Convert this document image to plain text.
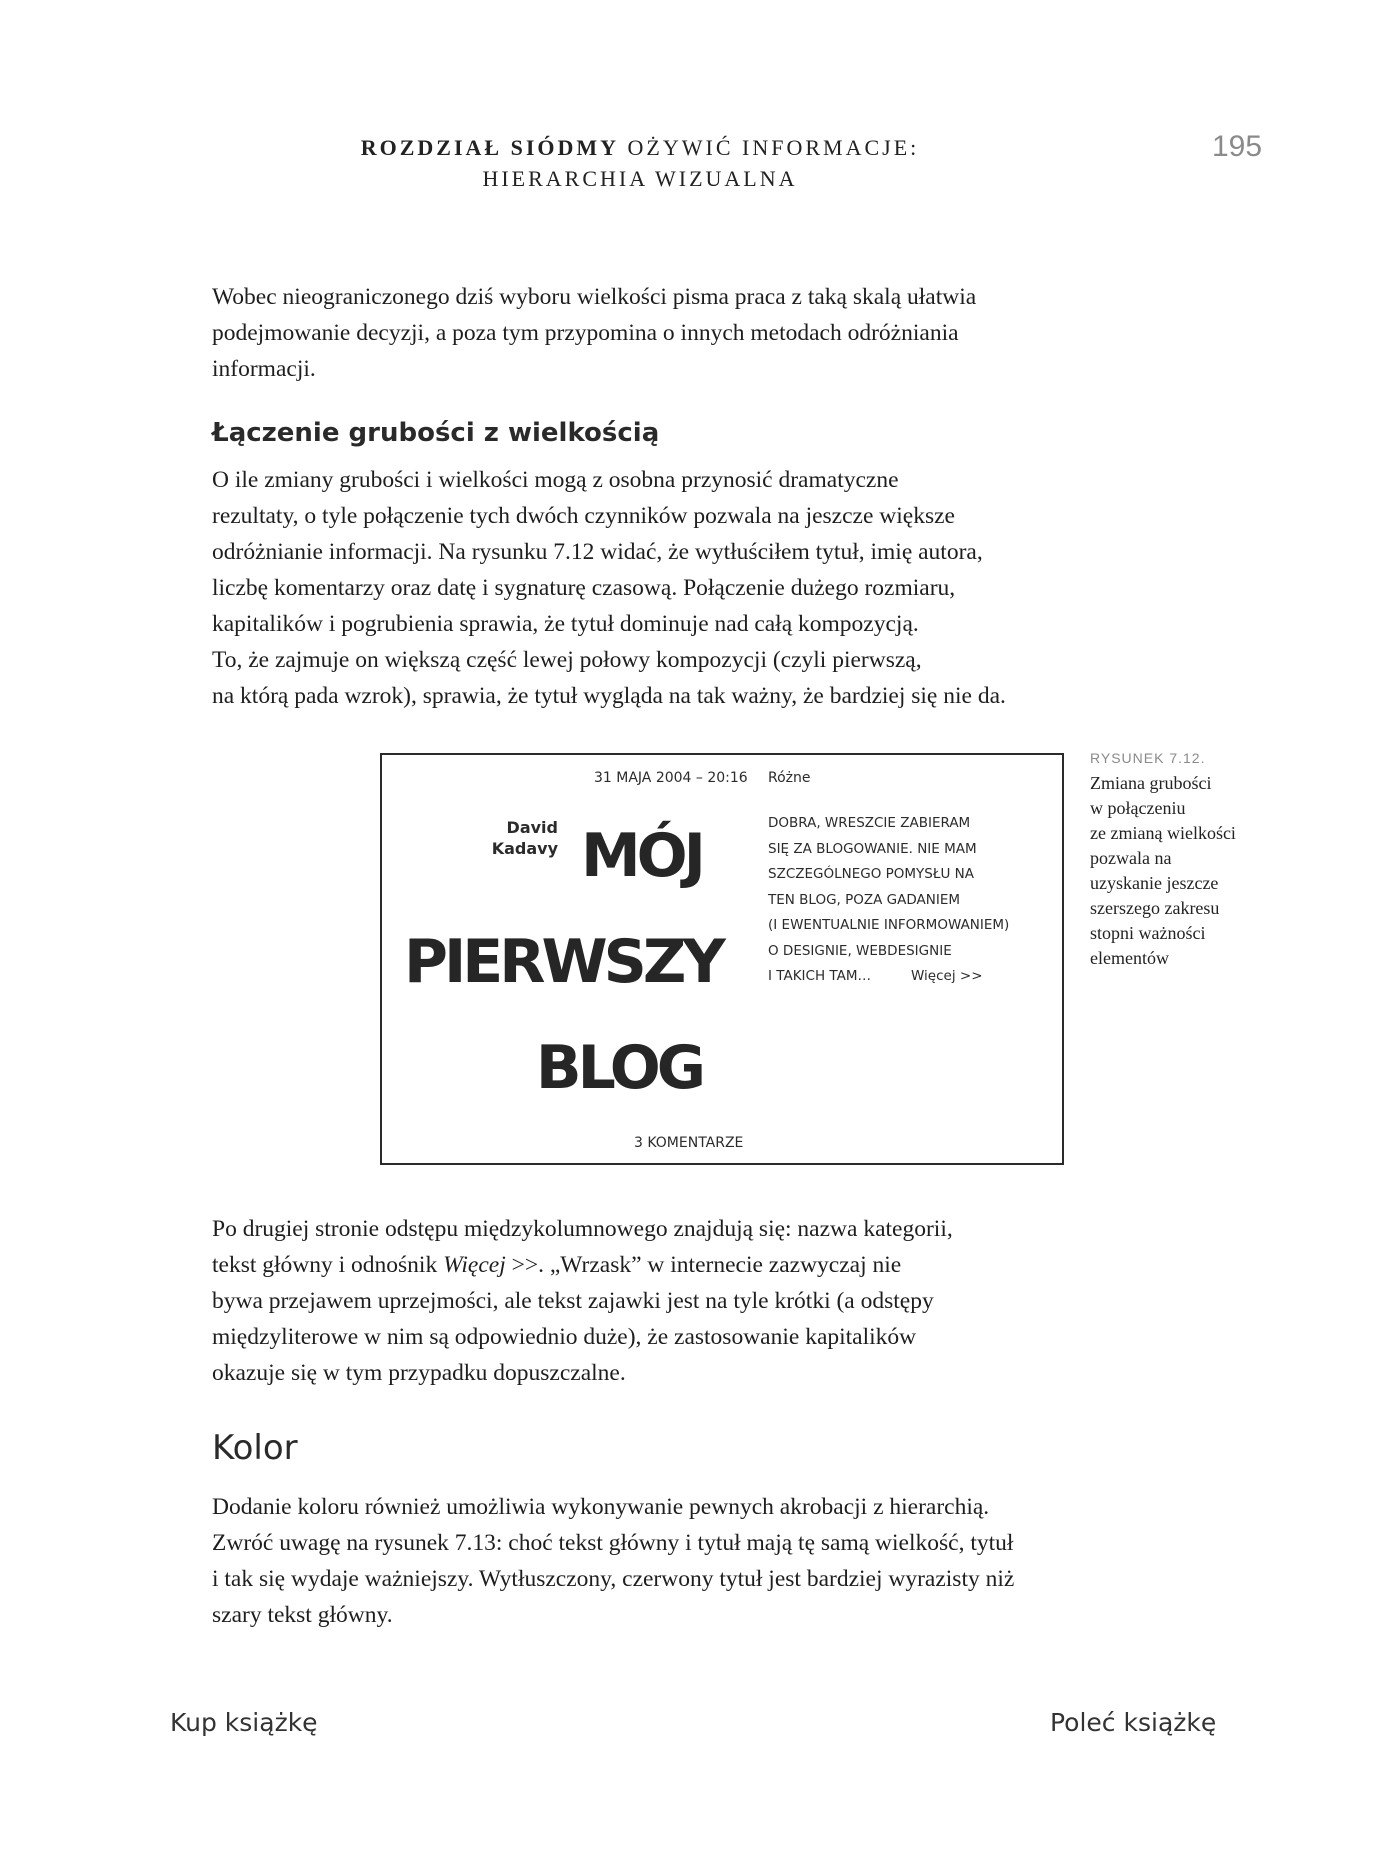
ROZDZIAŁ SIÓDMY OŻYWIĆ INFORMACJE:
HIERARCHIA WIZUALNA
195

Wobec nieograniczonego dziś wyboru wielkości pisma praca z taką skalą ułatwia

podejmowanie decyzji, a poza tym przypomina o innych metodach odróżniania

informacji.

Łączenie grubości z wielkością

O ile zmiany grubości i wielkości mogą z osobna przynosić dramatyczne

rezultaty, o tyle połączenie tych dwóch czynników pozwala na jeszcze większe

odróżnianie informacji. Na rysunku 7.12 widać, że wytłuściłem tytuł, imię autora,

liczbę komentarzy oraz datę i sygnaturę czasową. Połączenie dużego rozmiaru,

kapitalików i pogrubienia sprawia, że tytuł dominuje nad całą kompozycją.

To, że zajmuje on większą część lewej połowy kompozycji (czyli pierwszą,

na którą pada wzrok), sprawia, że tytuł wygląda na tak ważny, że bardziej się nie da.

31 MAJA 2004 – 20:16 Różne
David
Kadavy MÓJ
PIERWSZY
BLOG
DOBRA, WRESZCIE ZABIERAM
SIĘ ZA BLOGOWANIE. NIE MAM
SZCZEGÓLNEGO POMYSŁU NA
TEN BLOG, POZA GADANIEM
(I EWENTUALNIE INFORMOWANIEM)
O DESIGNIE, WEBDESIGNIE
I TAKICH TAM…	Więcej >>
3 KOMENTARZE
RYSUNEK 7.12.
Zmiana grubości
w połączeniu
ze zmianą wielkości
pozwala na
uzyskanie jeszcze
szerszego zakresu
stopni ważności
elementów

Po drugiej stronie odstępu międzykolumnowego znajdują się: nazwa kategorii,

tekst główny i odnośnik Więcej >>. „Wrzask” w internecie zazwyczaj nie

bywa przejawem uprzejmości, ale tekst zajawki jest na tyle krótki (a odstępy

międzyliterowe w nim są odpowiednio duże), że zastosowanie kapitalików

okazuje się w tym przypadku dopuszczalne.

Kolor

Dodanie koloru również umożliwia wykonywanie pewnych akrobacji z hierarchią.

Zwróć uwagę na rysunek 7.13: choć tekst główny i tytuł mają tę samą wielkość, tytuł

i tak się wydaje ważniejszy. Wytłuszczony, czerwony tytuł jest bardziej wyrazisty niż

szary tekst główny.

Kup książkę	Poleć książkę
